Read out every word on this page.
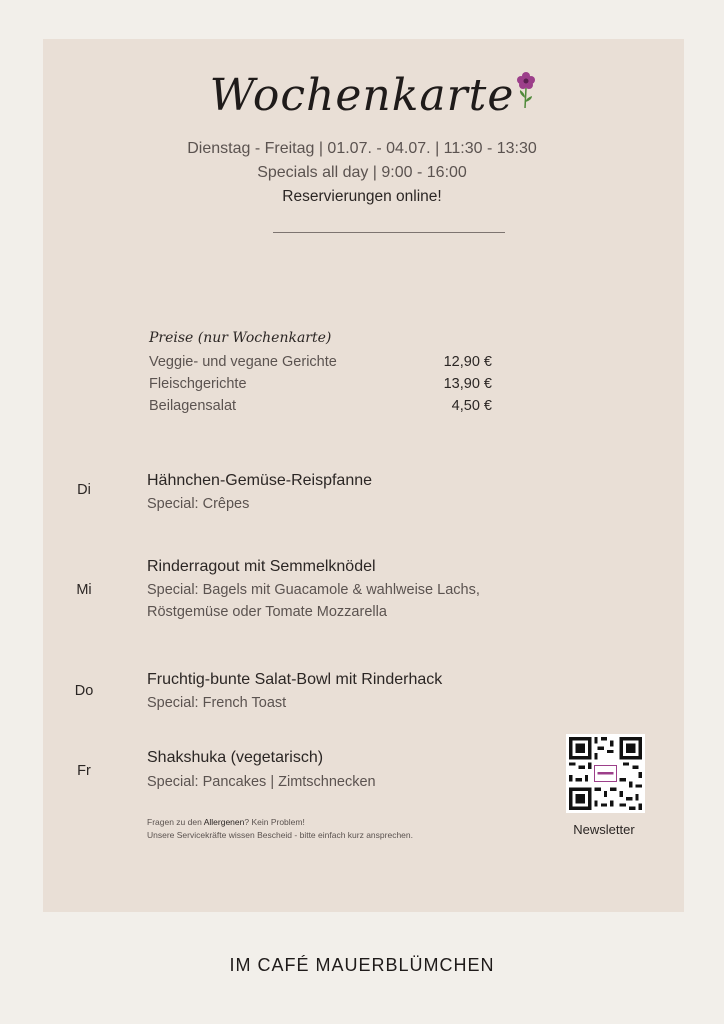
Wochenkarte
Dienstag - Freitag | 01.07. - 04.07. | 11:30 - 13:30
Specials all day | 9:00 - 16:00
Reservierungen online!
Preise (nur Wochenkarte)
Veggie- und vegane Gerichte	12,90 €
Fleischgerichte	13,90 €
Beilagensalat	4,50 €
Di
Hähnchen-Gemüse-Reispfanne
Special: Crêpes
Mi
Rinderragout mit Semmelknödel
Special: Bagels mit Guacamole & wahlweise Lachs,
Röstgemüse oder Tomate Mozzarella
Do
Fruchtig-bunte Salat-Bowl mit Rinderhack
Special: French Toast
Fr
Shakshuka (vegetarisch)
Special: Pancakes | Zimtschnecken
Fragen zu den Allergenen? Kein Problem!
Unsere Servicekräfte wissen Bescheid - bitte einfach kurz ansprechen.	Newsletter
IM CAFÉ MAUERBLÜMCHEN
